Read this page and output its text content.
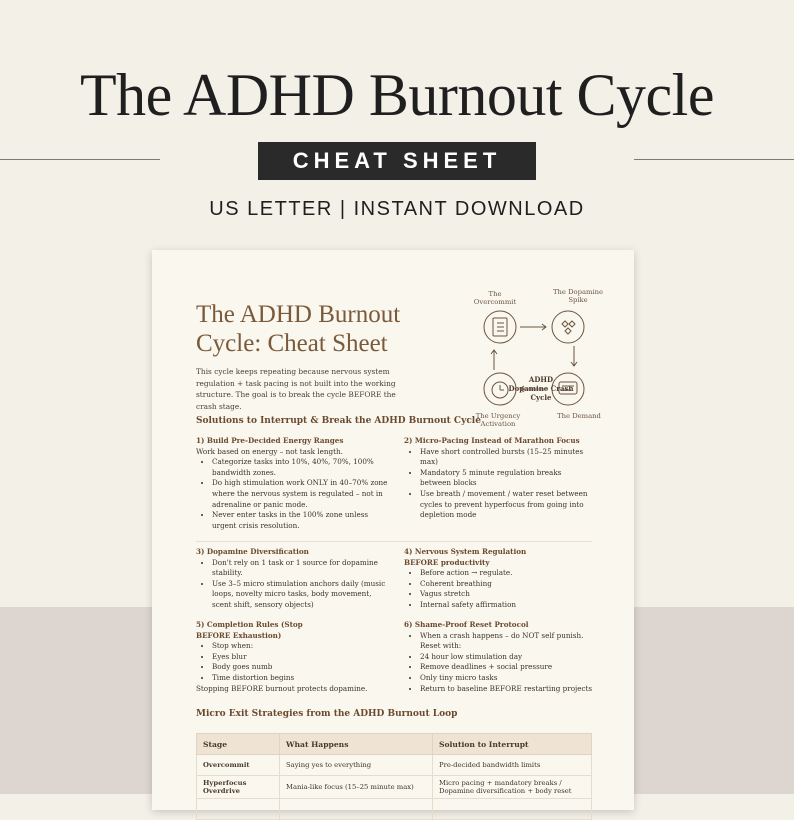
The ADHD Burnout Cycle
CHEAT SHEET
US LETTER | INSTANT DOWNLOAD
The ADHD Burnout
Cycle: Cheat Sheet
This cycle keeps repeating because nervous system regulation + task pacing is not built into the working structure. The goal is to break the cycle BEFORE the crash stage.
The Overcommit
The Dopamine Spike
The Urgency Activation
The Demand
ADHD Dopamine Crash Cycle
Solutions to Interrupt & Break the ADHD Burnout Cycle
1) Build Pre-Decided Energy Ranges
Work based on energy – not task length.
• Categorize tasks into 10%, 40%, 70%, 100% bandwidth zones.
• Do high stimulation work ONLY in 40–70% zone where the nervous system is regulated – not in adrenaline or panic mode.
• Never enter tasks in the 100% zone unless urgent crisis resolution.
2) Micro-Pacing Instead of Marathon Focus
• Have short controlled bursts (15–25 minutes max)
• Mandatory 5 minute regulation breaks between blocks
• Use breath / movement / water reset between cycles to prevent hyperfocus from going into depletion mode
3) Dopamine Diversification
• Don't rely on 1 task or 1 source for dopamine stability.
• Use 3–5 micro stimulation anchors daily (music loops, novelty micro tasks, body movement, scent shift, sensory objects)
4) Nervous System Regulation
BEFORE productivity
• Before action → regulate.
• Coherent breathing
• Vagus stretch
• Internal safety affirmation
5) Completion Rules (Stop
BEFORE Exhaustion)
• Stop when:
• Eyes blur
• Body goes numb
• Time distortion begins
Stopping BEFORE burnout protects dopamine.
6) Shame-Proof Reset Protocol
• When a crash happens – do NOT self punish. Reset with:
• 24 hour low stimulation day
• Remove deadlines + social pressure
• Only tiny micro tasks
• Return to baseline BEFORE restarting projects
Micro Exit Strategies from the ADHD Burnout Loop
Stage	What Happens	Solution to Interrupt
Overcommit	Saying yes to everything	Pre-decided bandwidth limits
Hyperfocus Overdrive	Mania-like focus (15–25 minute max)	Micro pacing + mandatory breaks / Dopamine diversification + body reset
